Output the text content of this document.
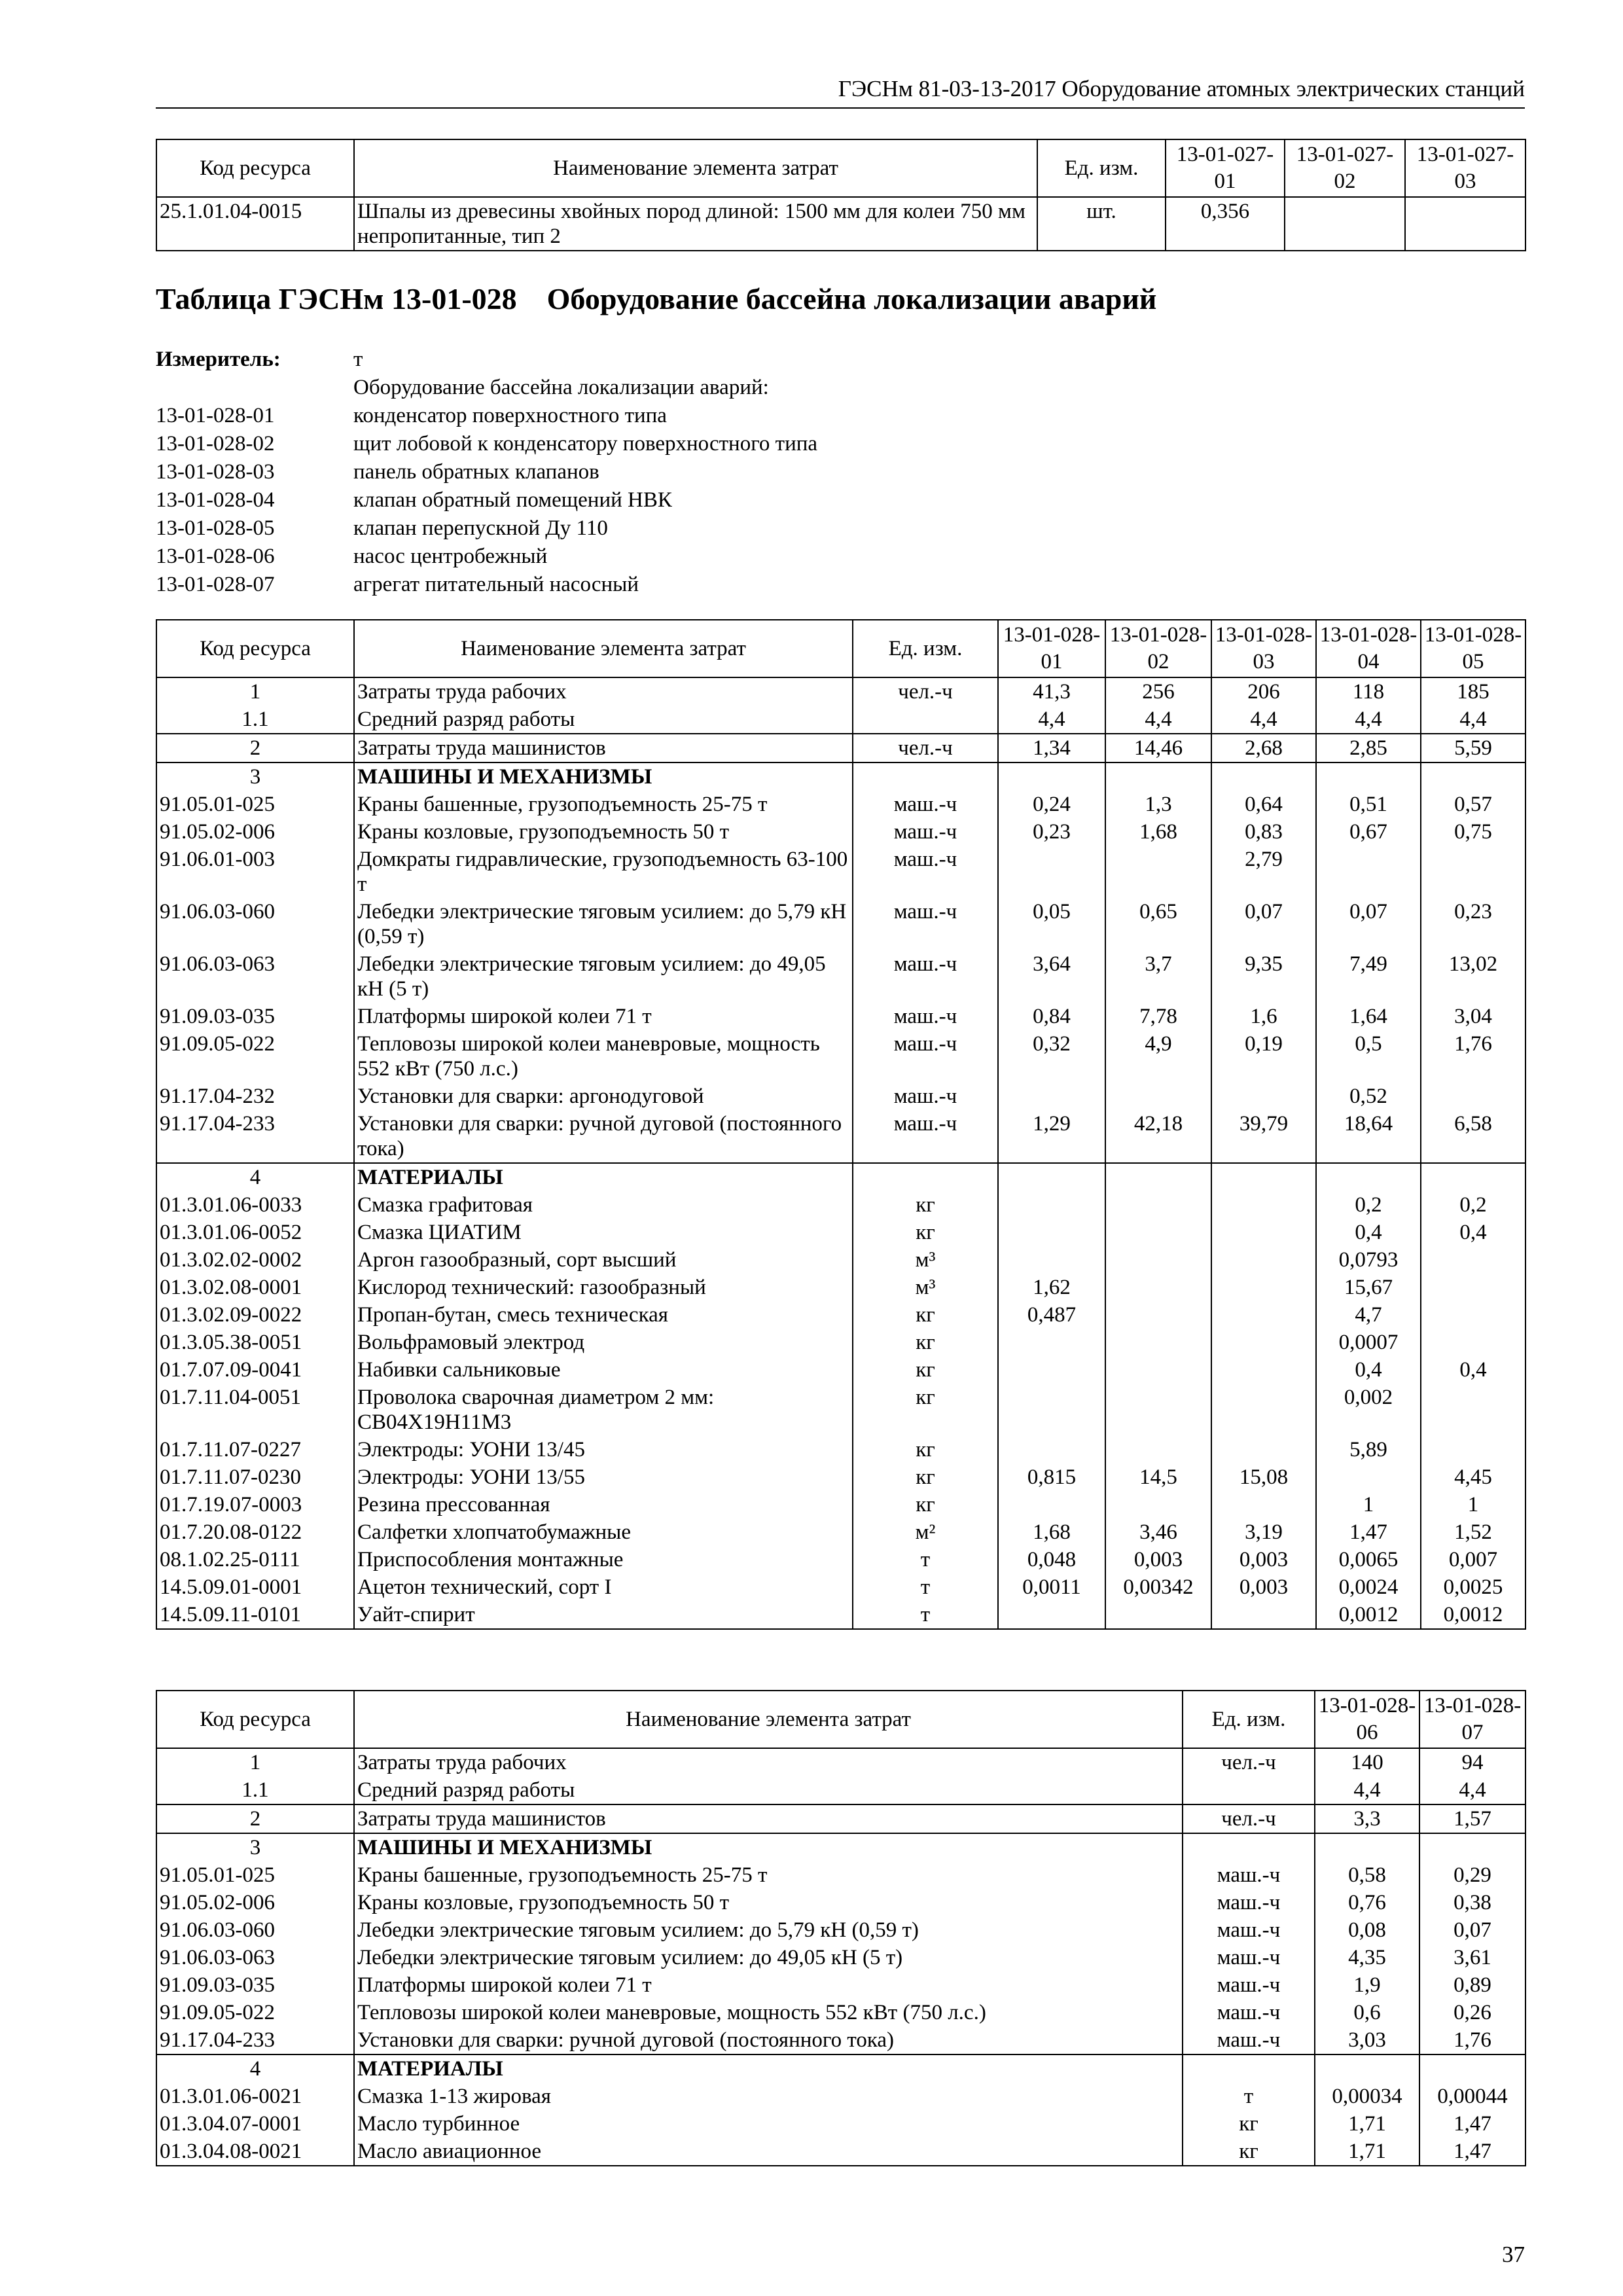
ГЭСНм 81-03-13-2017 Оборудование атомных электрических станций
Код ресурса	Наименование элемента затрат	Ед. изм.	13-01-027-01	13-01-027-02	13-01-027-03
25.1.01.04-0015	Шпалы из древесины хвойных пород длиной: 1500 мм для колеи 750 мм непропитанные, тип 2	шт.	0,356		
Таблица ГЭСНм 13-01-028 Оборудование бассейна локализации аварий
Измеритель:	т
Оборудование бассейна локализации аварий:
13-01-028-01	конденсатор поверхностного типа
13-01-028-02	щит лобовой к конденсатору поверхностного типа
13-01-028-03	панель обратных клапанов
13-01-028-04	клапан обратный помещений НВК
13-01-028-05	клапан перепускной Ду 110
13-01-028-06	насос центробежный
13-01-028-07	агрегат питательный насосный
Код ресурса	Наименование элемента затрат	Ед. изм.	13-01-028-01	13-01-028-02	13-01-028-03	13-01-028-04	13-01-028-05
1	Затраты труда рабочих	чел.-ч	41,3	256	206	118	185
1.1	Средний разряд работы		4,4	4,4	4,4	4,4	4,4
2	Затраты труда машинистов	чел.-ч	1,34	14,46	2,68	2,85	5,59
3	МАШИНЫ И МЕХАНИЗМЫ						
91.05.01-025	Краны башенные, грузоподъемность 25-75 т	маш.-ч	0,24	1,3	0,64	0,51	0,57
91.05.02-006	Краны козловые, грузоподъемность 50 т	маш.-ч	0,23	1,68	0,83	0,67	0,75
91.06.01-003	Домкраты гидравлические, грузоподъемность 63-100 т	маш.-ч			2,79		
91.06.03-060	Лебедки электрические тяговым усилием: до 5,79 кН (0,59 т)	маш.-ч	0,05	0,65	0,07	0,07	0,23
91.06.03-063	Лебедки электрические тяговым усилием: до 49,05 кН (5 т)	маш.-ч	3,64	3,7	9,35	7,49	13,02
91.09.03-035	Платформы широкой колеи 71 т	маш.-ч	0,84	7,78	1,6	1,64	3,04
91.09.05-022	Тепловозы широкой колеи маневровые, мощность 552 кВт (750 л.с.)	маш.-ч	0,32	4,9	0,19	0,5	1,76
91.17.04-232	Установки для сварки: аргонодуговой	маш.-ч				0,52	
91.17.04-233	Установки для сварки: ручной дуговой (постоянного тока)	маш.-ч	1,29	42,18	39,79	18,64	6,58
4	МАТЕРИАЛЫ						
01.3.01.06-0033	Смазка графитовая	кг				0,2	0,2
01.3.01.06-0052	Смазка ЦИАТИМ	кг				0,4	0,4
01.3.02.02-0002	Аргон газообразный, сорт высший	м³				0,0793	
01.3.02.08-0001	Кислород технический: газообразный	м³	1,62			15,67	
01.3.02.09-0022	Пропан-бутан, смесь техническая	кг	0,487			4,7	
01.3.05.38-0051	Вольфрамовый электрод	кг				0,0007	
01.7.07.09-0041	Набивки сальниковые	кг				0,4	0,4
01.7.11.04-0051	Проволока сварочная диаметром 2 мм: СВ04Х19Н11М3	кг				0,002	
01.7.11.07-0227	Электроды: УОНИ 13/45	кг				5,89	
01.7.11.07-0230	Электроды: УОНИ 13/55	кг	0,815	14,5	15,08		4,45
01.7.19.07-0003	Резина прессованная	кг				1	1
01.7.20.08-0122	Салфетки хлопчатобумажные	м²	1,68	3,46	3,19	1,47	1,52
08.1.02.25-0111	Приспособления монтажные	т	0,048	0,003	0,003	0,0065	0,007
14.5.09.01-0001	Ацетон технический, сорт I	т	0,0011	0,00342	0,003	0,0024	0,0025
14.5.09.11-0101	Уайт-спирит	т				0,0012	0,0012
Код ресурса	Наименование элемента затрат	Ед. изм.	13-01-028-06	13-01-028-07
1	Затраты труда рабочих	чел.-ч	140	94
1.1	Средний разряд работы		4,4	4,4
2	Затраты труда машинистов	чел.-ч	3,3	1,57
3	МАШИНЫ И МЕХАНИЗМЫ			
91.05.01-025	Краны башенные, грузоподъемность 25-75 т	маш.-ч	0,58	0,29
91.05.02-006	Краны козловые, грузоподъемность 50 т	маш.-ч	0,76	0,38
91.06.03-060	Лебедки электрические тяговым усилием: до 5,79 кН (0,59 т)	маш.-ч	0,08	0,07
91.06.03-063	Лебедки электрические тяговым усилием: до 49,05 кН (5 т)	маш.-ч	4,35	3,61
91.09.03-035	Платформы широкой колеи 71 т	маш.-ч	1,9	0,89
91.09.05-022	Тепловозы широкой колеи маневровые, мощность 552 кВт (750 л.с.)	маш.-ч	0,6	0,26
91.17.04-233	Установки для сварки: ручной дуговой (постоянного тока)	маш.-ч	3,03	1,76
4	МАТЕРИАЛЫ			
01.3.01.06-0021	Смазка 1-13 жировая	т	0,00034	0,00044
01.3.04.07-0001	Масло турбинное	кг	1,71	1,47
01.3.04.08-0021	Масло авиационное	кг	1,71	1,47
37
